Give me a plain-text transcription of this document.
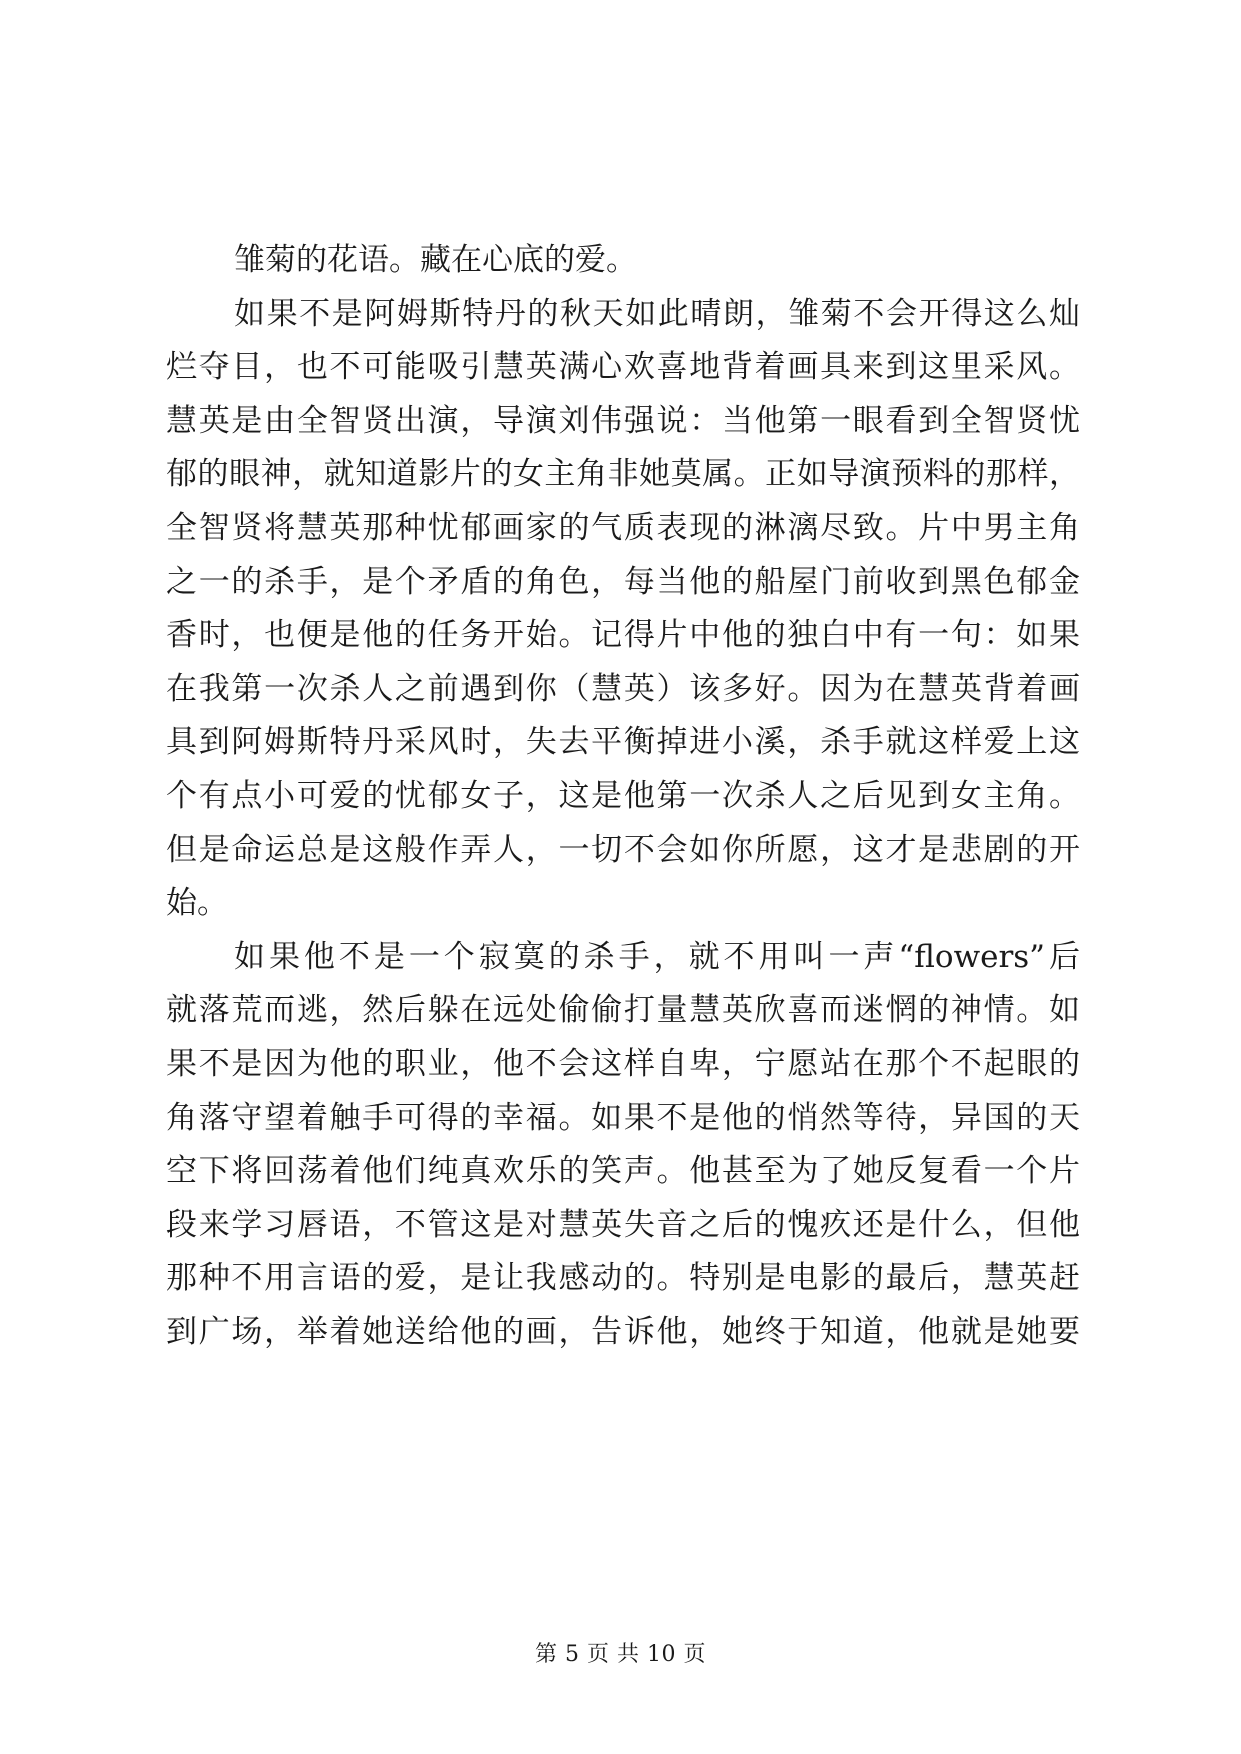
雏菊的花语。藏在心底的爱。
如果不是阿姆斯特丹的秋天如此晴朗，雏菊不会开得这么灿
烂夺目，也不可能吸引慧英满心欢喜地背着画具来到这里采风。
慧英是由全智贤出演，导演刘伟强说：当他第一眼看到全智贤忧
郁的眼神，就知道影片的女主角非她莫属。正如导演预料的那样，
全智贤将慧英那种忧郁画家的气质表现的淋漓尽致。片中男主角
之一的杀手，是个矛盾的角色，每当他的船屋门前收到黑色郁金
香时，也便是他的任务开始。记得片中他的独白中有一句：如果
在我第一次杀人之前遇到你（慧英）该多好。因为在慧英背着画
具到阿姆斯特丹采风时，失去平衡掉进小溪，杀手就这样爱上这
个有点小可爱的忧郁女子，这是他第一次杀人之后见到女主角。
但是命运总是这般作弄人，一切不会如你所愿，这才是悲剧的开
始。
如果他不是一个寂寞的杀手，就不用叫一声“flowers”后
就落荒而逃，然后躲在远处偷偷打量慧英欣喜而迷惘的神情。如
果不是因为他的职业，他不会这样自卑，宁愿站在那个不起眼的
角落守望着触手可得的幸福。如果不是他的悄然等待，异国的天
空下将回荡着他们纯真欢乐的笑声。他甚至为了她反复看一个片
段来学习唇语，不管这是对慧英失音之后的愧疚还是什么，但他
那种不用言语的爱，是让我感动的。特别是电影的最后，慧英赶
到广场，举着她送给他的画，告诉他，她终于知道，他就是她要
第 5 页 共 10 页
